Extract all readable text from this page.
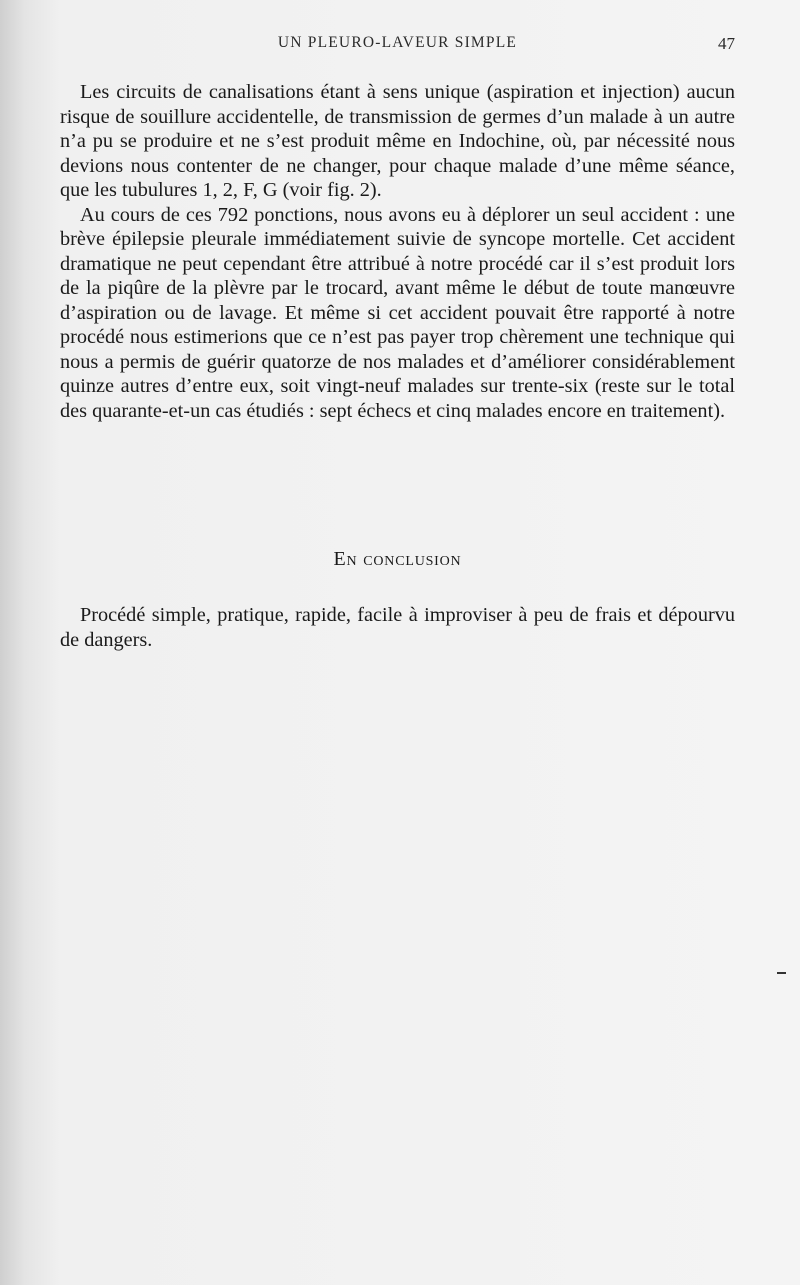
UN PLEURO-LAVEUR SIMPLE	47

Les circuits de canalisations étant à sens unique (aspiration et injection) aucun risque de souillure accidentelle, de transmission de germes d’un malade à un autre n’a pu se produire et ne s’est produit même en Indochine, où, par nécessité nous devions nous contenter de ne changer, pour chaque malade d’une même séance, que les tubulures 1, 2, F, G (voir fig. 2).

Au cours de ces 792 ponctions, nous avons eu à déplorer un seul accident : une brève épilepsie pleurale immédiatement suivie de syncope mortelle. Cet accident dramatique ne peut cependant être attribué à notre procédé car il s’est produit lors de la piqûre de la plèvre par le trocard, avant même le début de toute manœuvre d’aspiration ou de lavage. Et même si cet accident pouvait être rapporté à notre procédé nous estimerions que ce n’est pas payer trop chèrement une technique qui nous a permis de guérir quatorze de nos malades et d’améliorer considérablement quinze autres d’entre eux, soit vingt-neuf malades sur trente-six (reste sur le total des quarante-et-un cas étudiés : sept échecs et cinq malades encore en traitement).

En conclusion

Procédé simple, pratique, rapide, facile à improviser à peu de frais et dépourvu de dangers.
